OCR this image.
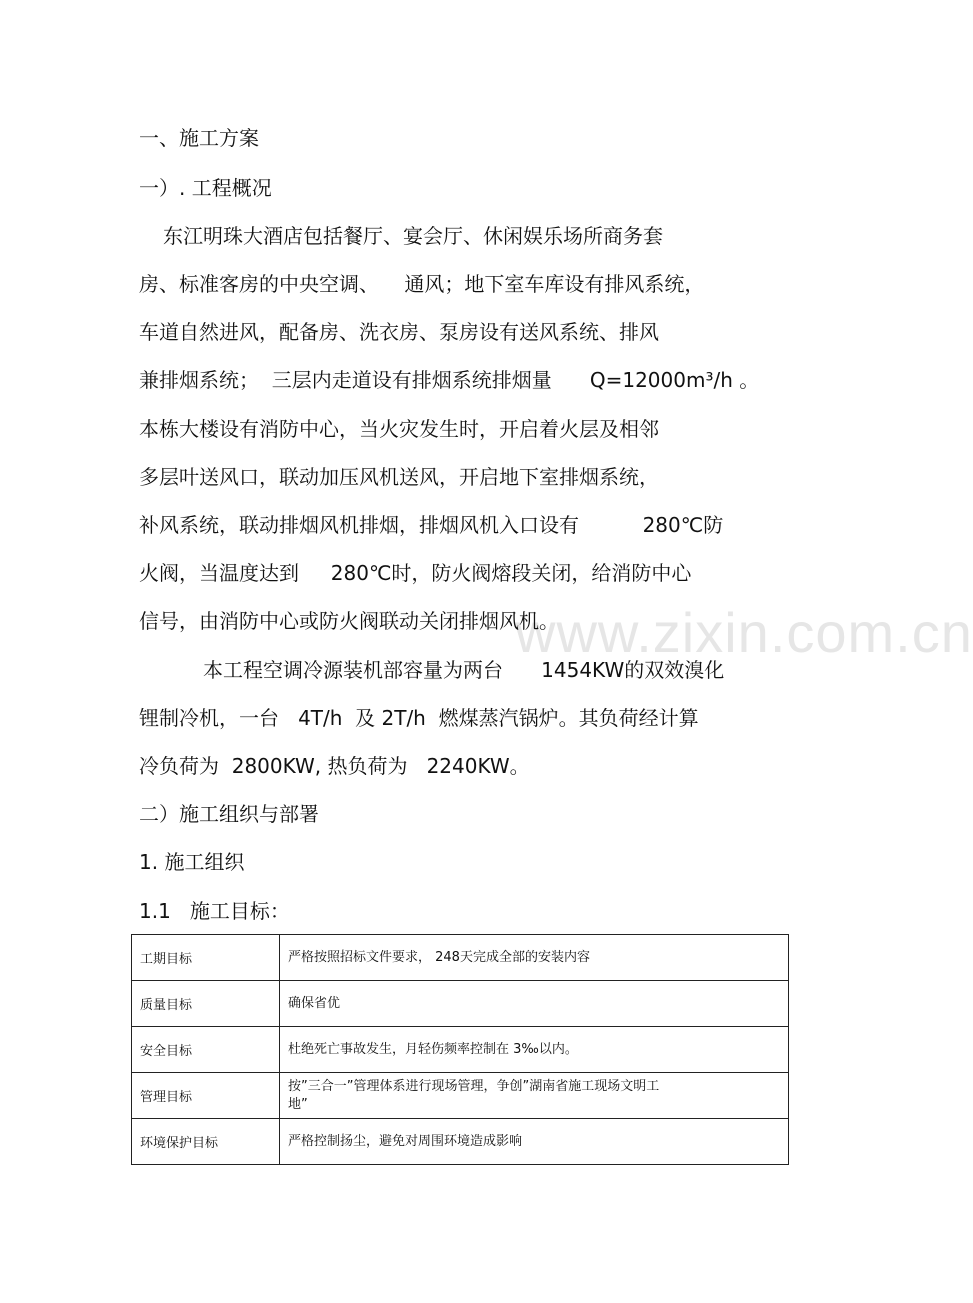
www.zixin.com.cn
一、施工方案
一）. 工程概况
东江明珠大酒店包括餐厅、宴会厅、休闲娱乐场所商务套
房、标准客房的中央空调、    通风；地下室车库设有排风系统，
车道自然进风，配备房、洗衣房、泵房设有送风系统、排风
兼排烟系统；  三层内走道设有排烟系统排烟量      Q=12000m³/h 。
本栋大楼设有消防中心，当火灾发生时，开启着火层及相邻
多层叶送风口，联动加压风机送风，开启地下室排烟系统，
补风系统，联动排烟风机排烟，排烟风机入口设有          280℃防
火阀，当温度达到     280℃时，防火阀熔段关闭，给消防中心
信号，由消防中心或防火阀联动关闭排烟风机。
本工程空调冷源装机部容量为两台      1454KW的双效溴化
锂制冷机，一台   4T/h  及 2T/h  燃煤蒸汽锅炉。其负荷经计算
冷负荷为  2800KW, 热负荷为   2240KW。
二）施工组织与部署
1. 施工组织
1.1   施工目标：
工期目标	严格按照招标文件要求， 248天完成全部的安装内容
质量目标	确保省优
安全目标	杜绝死亡事故发生，月轻伤频率控制在 3‰以内。
管理目标	按”三合一”管理体系进行现场管理，争创”湖南省施工现场文明工
地”
环境保护目标	严格控制扬尘，避免对周围环境造成影响
